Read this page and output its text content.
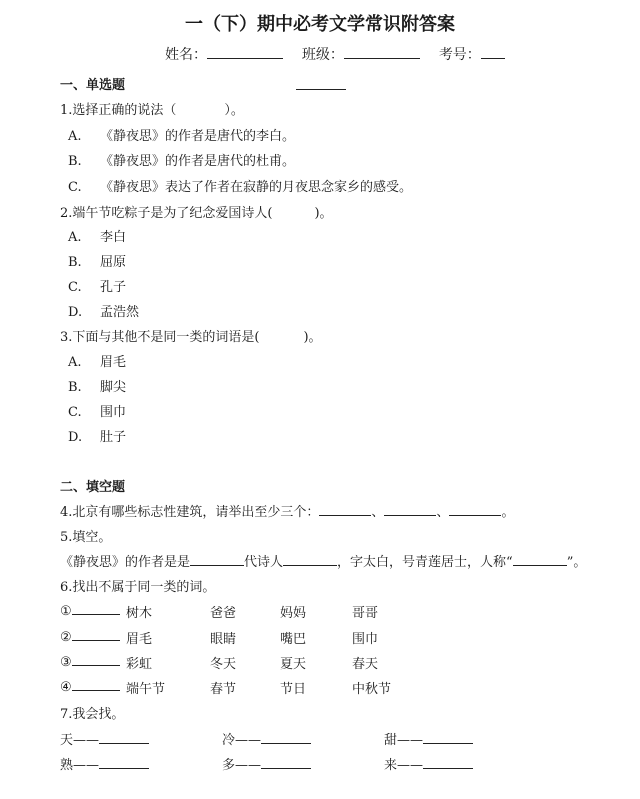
一（下）期中必考文学常识附答案
姓名：	班级：	考号：
一、单选题
1.选择正确的说法（	）。
A. 《静夜思》的作者是唐代的李白。
B. 《静夜思》的作者是唐代的杜甫。
C. 《静夜思》表达了作者在寂静的月夜思念家乡的感受。
2.端午节吃粽子是为了纪念爱国诗人(	)。
A. 李白
B. 屈原
C. 孔子
D. 孟浩然
3.下面与其他不是同一类的词语是(	)。
A. 眉毛
B. 脚尖
C. 围巾
D. 肚子
二、填空题
4.北京有哪些标志性建筑，请举出至少三个：	、	、	。
5.填空。
《静夜思》的作者是是	代诗人	，字太白，号青莲居士，人称“	”。
6.找出不属于同一类的词。
①	树木	爸爸	妈妈	哥哥
②	眉毛	眼睛	嘴巴	围巾
③	彩虹	冬天	夏天	春天
④	端午节	春节	节日	中秋节
7.我会找。
天——	冷——	甜——
熟——	多——	来——
